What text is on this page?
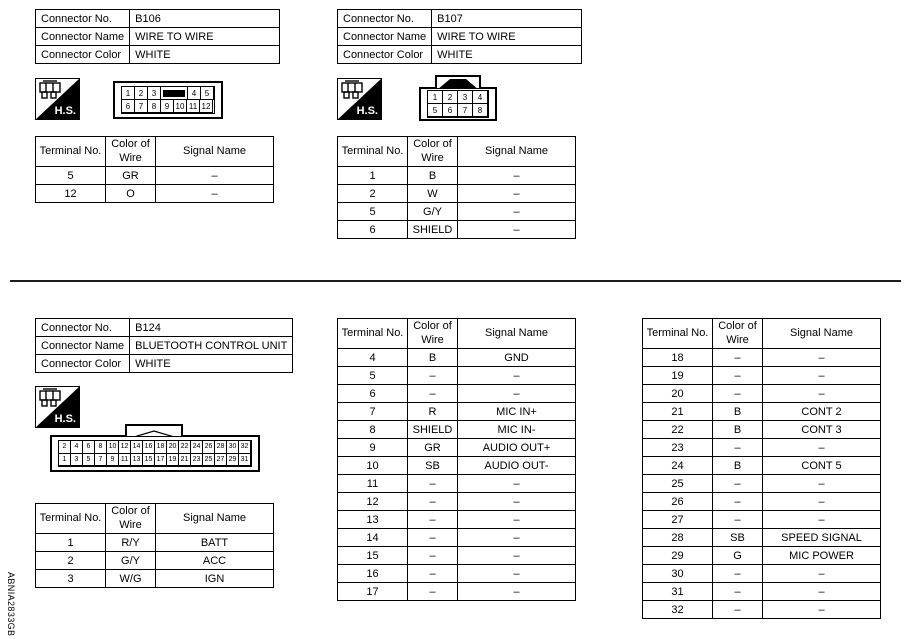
Connector No.	B106
Connector Name	WIRE TO WIRE
Connector Color	WHITE
H.S.
1	2	3	4	5
6	7	8	9 10 11 12
Terminal No.	Color of Wire	Signal Name
5	GR	–
12	O	–
Connector No.	B107
Connector Name	WIRE TO WIRE
Connector Color	WHITE
H.S.
1	2	3	4
5	6	7	8
Terminal No.	Color of Wire	Signal Name
1	B	–
2	W	–
5	G/Y	–
6	SHIELD	–
Connector No.	B124
Connector Name	BLUETOOTH CONTROL UNIT
Connector Color	WHITE
H.S.
2	4	6	8 10 12 14 16 18 20 22 24 26 28 30 32
1	3	5	7	9 11 13 15 17 19 21 23 25 27 29 31
Terminal No.	Color of Wire	Signal Name
1	R/Y	BATT
2	G/Y	ACC
3	W/G	IGN
Terminal No.	Color of Wire	Signal Name
4	B	GND
5	–	–
6	–	–
7	R	MIC IN+
8	SHIELD	MIC IN-
9	GR	AUDIO OUT+
10	SB	AUDIO OUT-
11	–	–
12	–	–
13	–	–
14	–	–
15	–	–
16	–	–
17	–	–
Terminal No.	Color of Wire	Signal Name
18	–	–
19	–	–
20	–	–
21	B	CONT 2
22	B	CONT 3
23	–	–
24	B	CONT 5
25	–	–
26	–	–
27	–	–
28	SB	SPEED SIGNAL
29	G	MIC POWER
30	–	–
31	–	–
32	–	–
ABNIA2833GB
